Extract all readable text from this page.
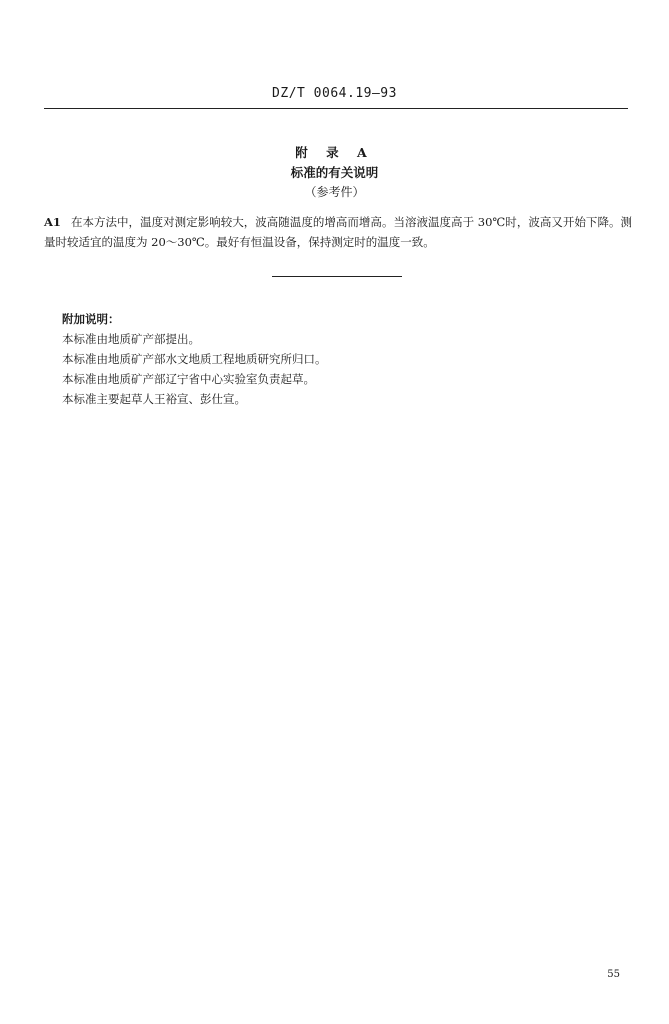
DZ/T 0064.19—93
附 录 A
标准的有关说明
（参考件）
A1 在本方法中，温度对测定影响较大，波高随温度的增高而增高。当溶液温度高于 30℃时，波高又开始下降。测量时较适宜的温度为 20～30℃。最好有恒温设备，保持测定时的温度一致。
附加说明：
本标准由地质矿产部提出。
本标准由地质矿产部水文地质工程地质研究所归口。
本标准由地质矿产部辽宁省中心实验室负责起草。
本标准主要起草人王裕宣、彭仕宣。
55
